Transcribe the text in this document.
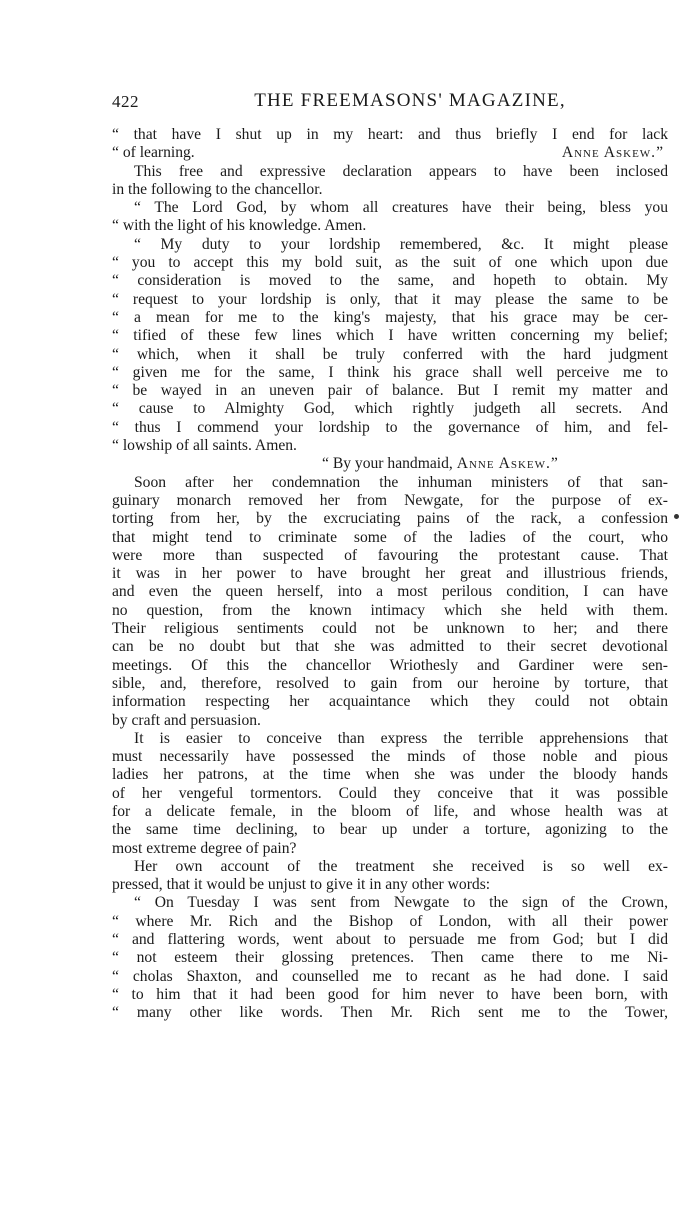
422	THE FREEMASONS' MAGAZINE,
“ that have I shut up in my heart: and thus briefly I end for lack
“ of learning.	Anne Askew.”
This free and expressive declaration appears to have been inclosed
in the following to the chancellor.
“ The Lord God, by whom all creatures have their being, bless you
“ with the light of his knowledge. Amen.
“ My duty to your lordship remembered, &c. It might please
“ you to accept this my bold suit, as the suit of one which upon due
“ consideration is moved to the same, and hopeth to obtain. My
“ request to your lordship is only, that it may please the same to be
“ a mean for me to the king's majesty, that his grace may be cer-
“ tified of these few lines which I have written concerning my belief;
“ which, when it shall be truly conferred with the hard judgment
“ given me for the same, I think his grace shall well perceive me to
“ be wayed in an uneven pair of balance. But I remit my matter and
“ cause to Almighty God, which rightly judgeth all secrets. And
“ thus I commend your lordship to the governance of him, and fel-
“ lowship of all saints. Amen.
“ By your handmaid, Anne Askew.”
Soon after her condemnation the inhuman ministers of that san-
guinary monarch removed her from Newgate, for the purpose of ex-
torting from her, by the excruciating pains of the rack, a confession
that might tend to criminate some of the ladies of the court, who
were more than suspected of favouring the protestant cause. That
it was in her power to have brought her great and illustrious friends,
and even the queen herself, into a most perilous condition, I can have
no question, from the known intimacy which she held with them.
Their religious sentiments could not be unknown to her; and there
can be no doubt but that she was admitted to their secret devotional
meetings. Of this the chancellor Wriothesly and Gardiner were sen-
sible, and, therefore, resolved to gain from our heroine by torture, that
information respecting her acquaintance which they could not obtain
by craft and persuasion.
It is easier to conceive than express the terrible apprehensions that
must necessarily have possessed the minds of those noble and pious
ladies her patrons, at the time when she was under the bloody hands
of her vengeful tormentors. Could they conceive that it was possible
for a delicate female, in the bloom of life, and whose health was at
the same time declining, to bear up under a torture, agonizing to the
most extreme degree of pain?
Her own account of the treatment she received is so well ex-
pressed, that it would be unjust to give it in any other words:
“ On Tuesday I was sent from Newgate to the sign of the Crown,
“ where Mr. Rich and the Bishop of London, with all their power
“ and flattering words, went about to persuade me from God; but I did
“ not esteem their glossing pretences. Then came there to me Ni-
“ cholas Shaxton, and counselled me to recant as he had done. I said
“ to him that it had been good for him never to have been born, with
“ many other like words. Then Mr. Rich sent me to the Tower,
